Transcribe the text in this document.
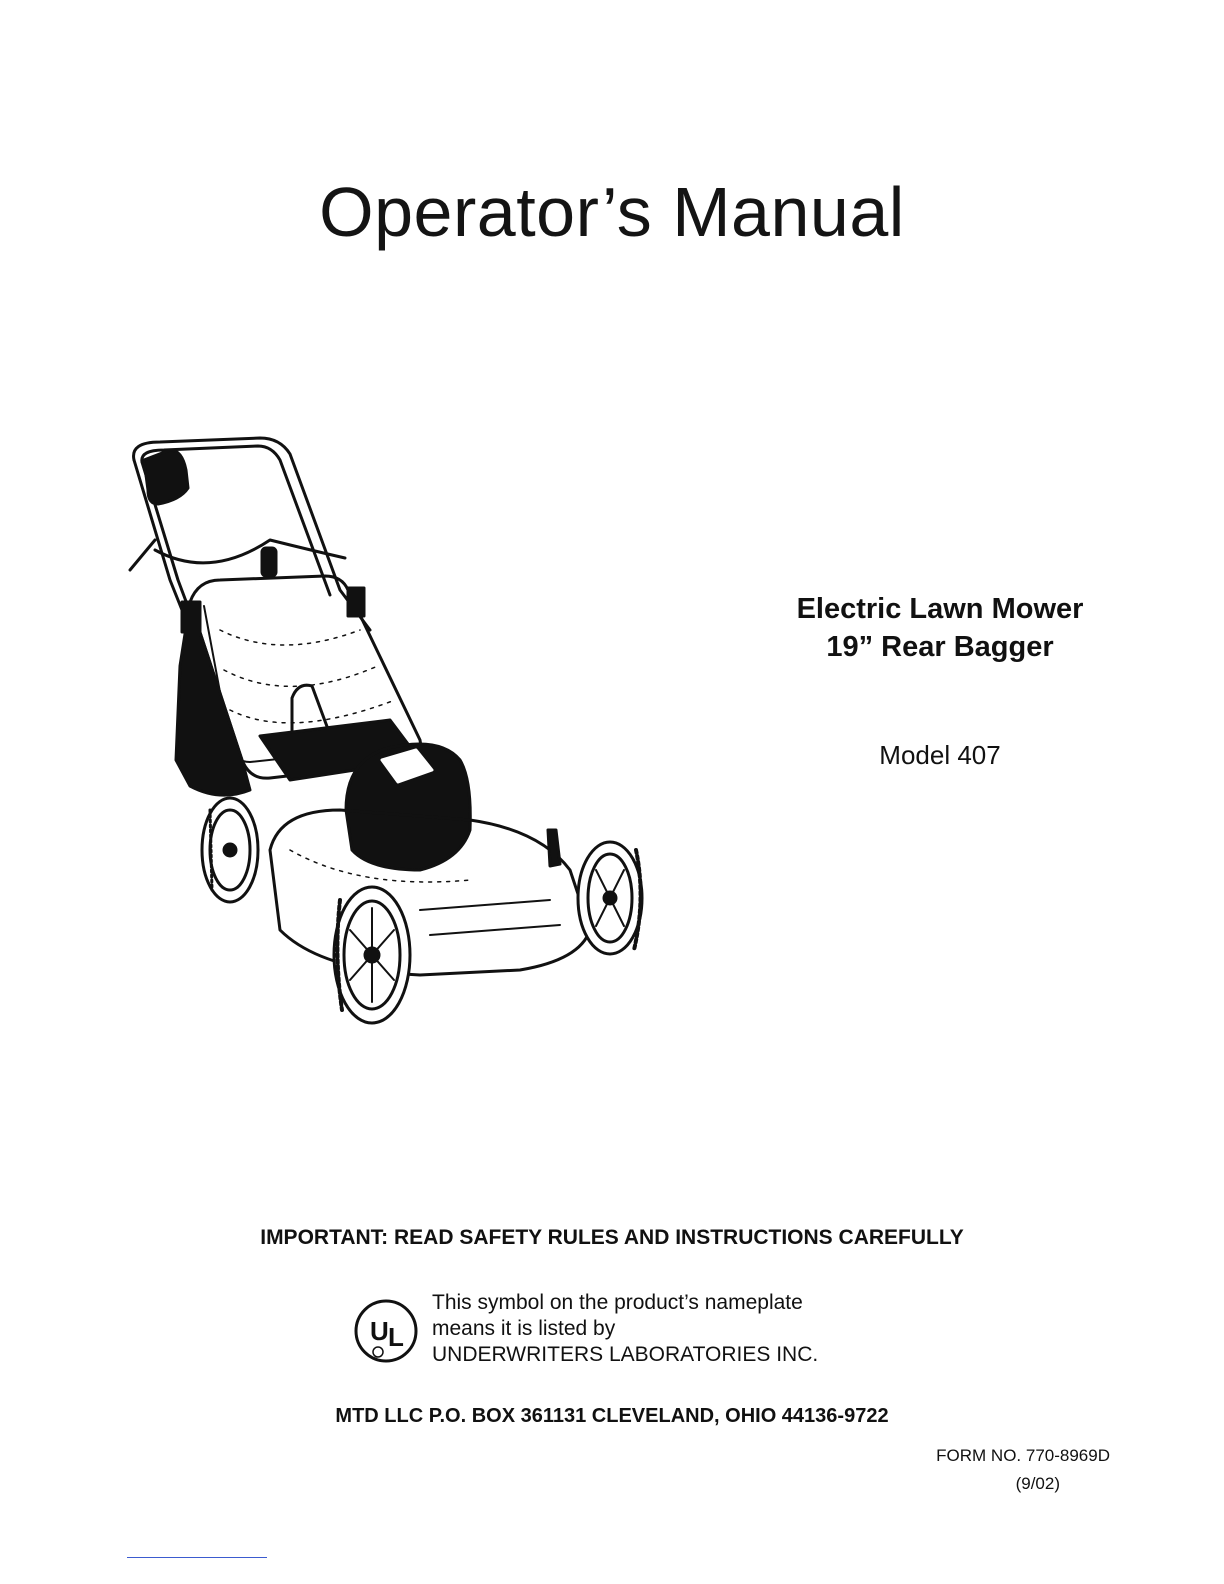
Operator’s Manual
Electric Lawn Mower
19” Rear Bagger
Model 407
IMPORTANT: READ SAFETY RULES AND INSTRUCTIONS CAREFULLY
U L
This symbol on the product’s nameplate
means it is listed by
UNDERWRITERS LABORATORIES INC.
MTD LLC P.O. BOX 361131 CLEVELAND, OHIO 44136-9722
FORM NO. 770-8969D
(9/02)
